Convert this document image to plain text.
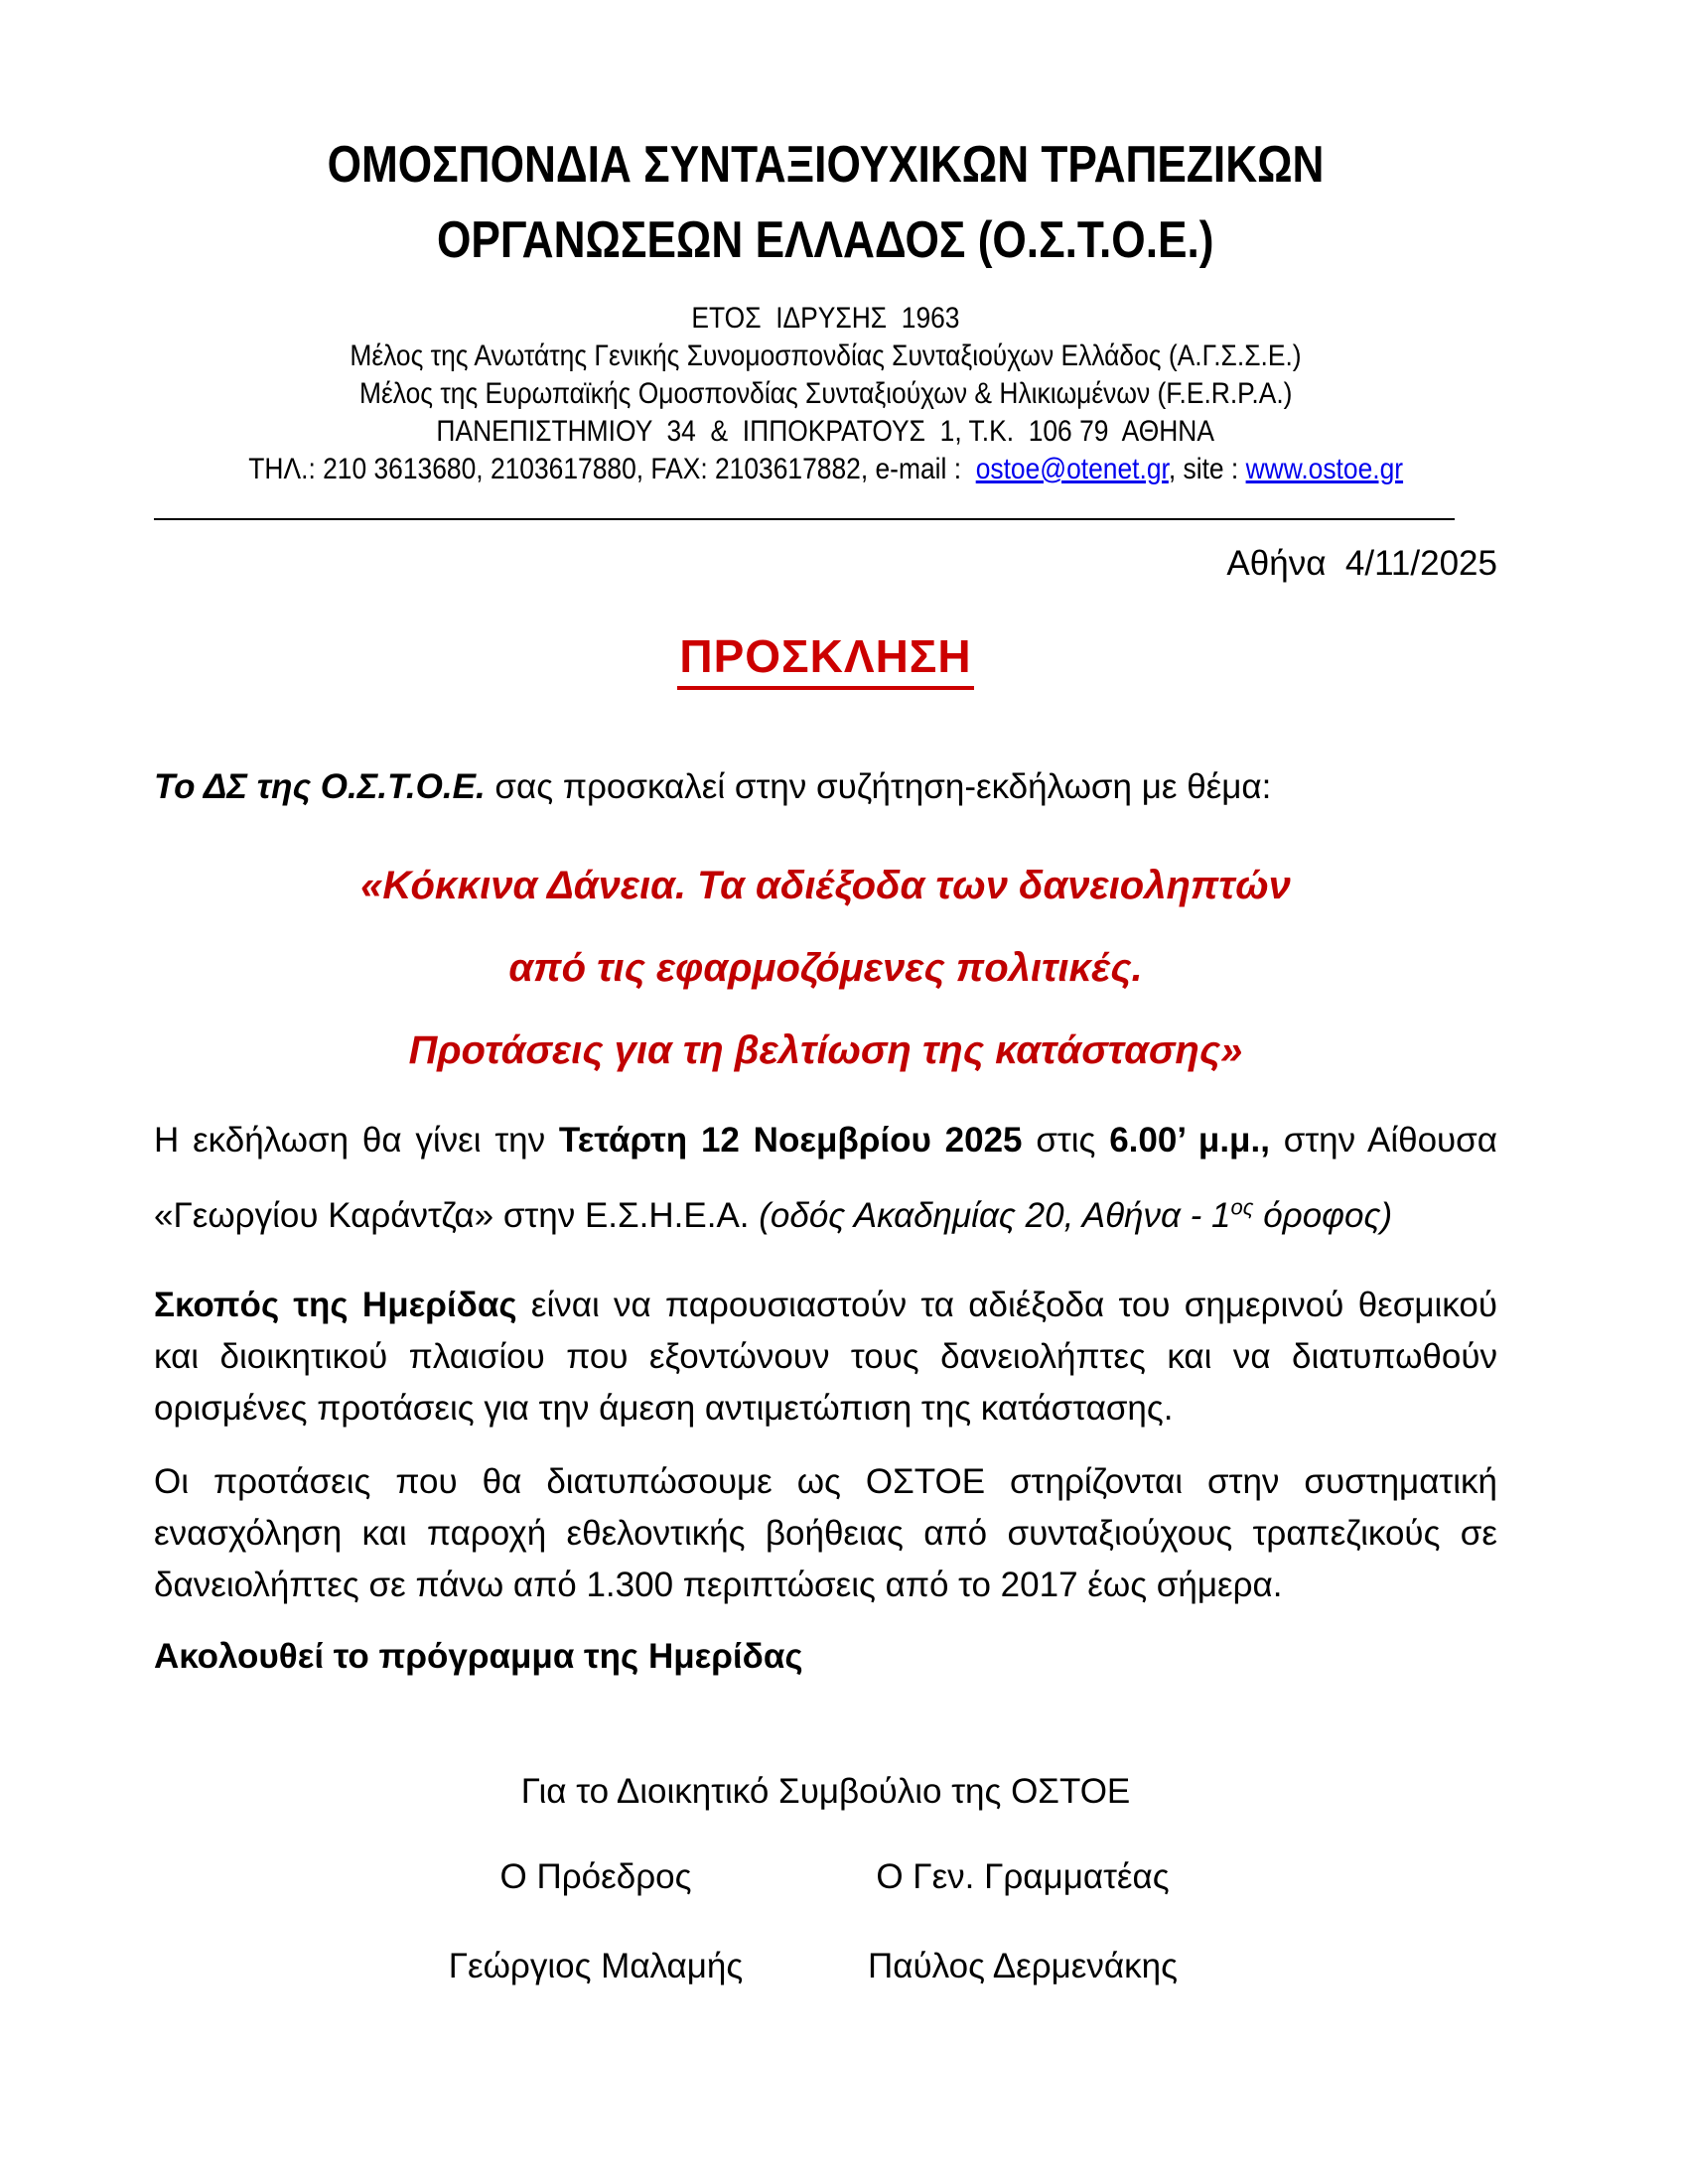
ΟΜΟΣΠΟΝΔΙΑ ΣΥΝΤΑΞΙΟΥΧΙΚΩΝ ΤΡΑΠΕΖΙΚΩΝ
ΟΡΓΑΝΩΣΕΩΝ ΕΛΛΑΔΟΣ (Ο.Σ.Τ.Ο.Ε.)
ΕΤΟΣ  ΙΔΡΥΣΗΣ  1963
Μέλος της Ανωτάτης Γενικής Συνομοσπονδίας Συνταξιούχων Ελλάδος (Α.Γ.Σ.Σ.Ε.)
Μέλος της Ευρωπαϊκής Ομοσπονδίας Συνταξιούχων & Ηλικιωμένων (F.E.R.P.A.)
ΠΑΝΕΠΙΣΤΗΜΙΟΥ  34  &  ΙΠΠΟΚΡΑΤΟΥΣ  1, Τ.Κ.  106 79  ΑΘΗΝΑ
ΤΗΛ.: 210 3613680, 2103617880, FAX: 2103617882, e-mail :  ostoe@otenet.gr, site : www.ostoe.gr
Αθήνα  4/11/2025
ΠΡΟΣΚΛΗΣΗ
Το ΔΣ της Ο.Σ.Τ.Ο.Ε. σας προσκαλεί στην συζήτηση-εκδήλωση με θέμα:
«Κόκκινα Δάνεια. Τα αδιέξοδα των δανειοληπτών
από τις εφαρμοζόμενες πολιτικές.
Προτάσεις για τη βελτίωση της κατάστασης»
Η εκδήλωση θα γίνει την Τετάρτη 12 Νοεμβρίου 2025 στις 6.00’ μ.μ., στην Αίθουσα «Γεωργίου Καράντζα» στην Ε.Σ.Η.Ε.Α. (οδός Ακαδημίας 20, Αθήνα - $1^{o\varsigma}$ όροφος)
Σκοπός της Ημερίδας είναι να παρουσιαστούν τα αδιέξοδα του σημερινού θεσμικού και διοικητικού πλαισίου που εξοντώνουν τους δανειολήπτες και να διατυπωθούν ορισμένες προτάσεις για την άμεση αντιμετώπιση της κατάστασης.
Οι προτάσεις που θα διατυπώσουμε ως ΟΣΤΟΕ στηρίζονται στην συστηματική ενασχόληση και παροχή εθελοντικής βοήθειας από συνταξιούχους τραπεζικούς σε δανειολήπτες σε πάνω από 1.300 περιπτώσεις από το 2017 έως σήμερα.
Ακολουθεί το πρόγραμμα της Ημερίδας
Για το Διοικητικό Συμβούλιο της ΟΣΤΟΕ
Ο Πρόεδρος	Ο Γεν. Γραμματέας
Γεώργιος Μαλαμής	Παύλος Δερμενάκης
